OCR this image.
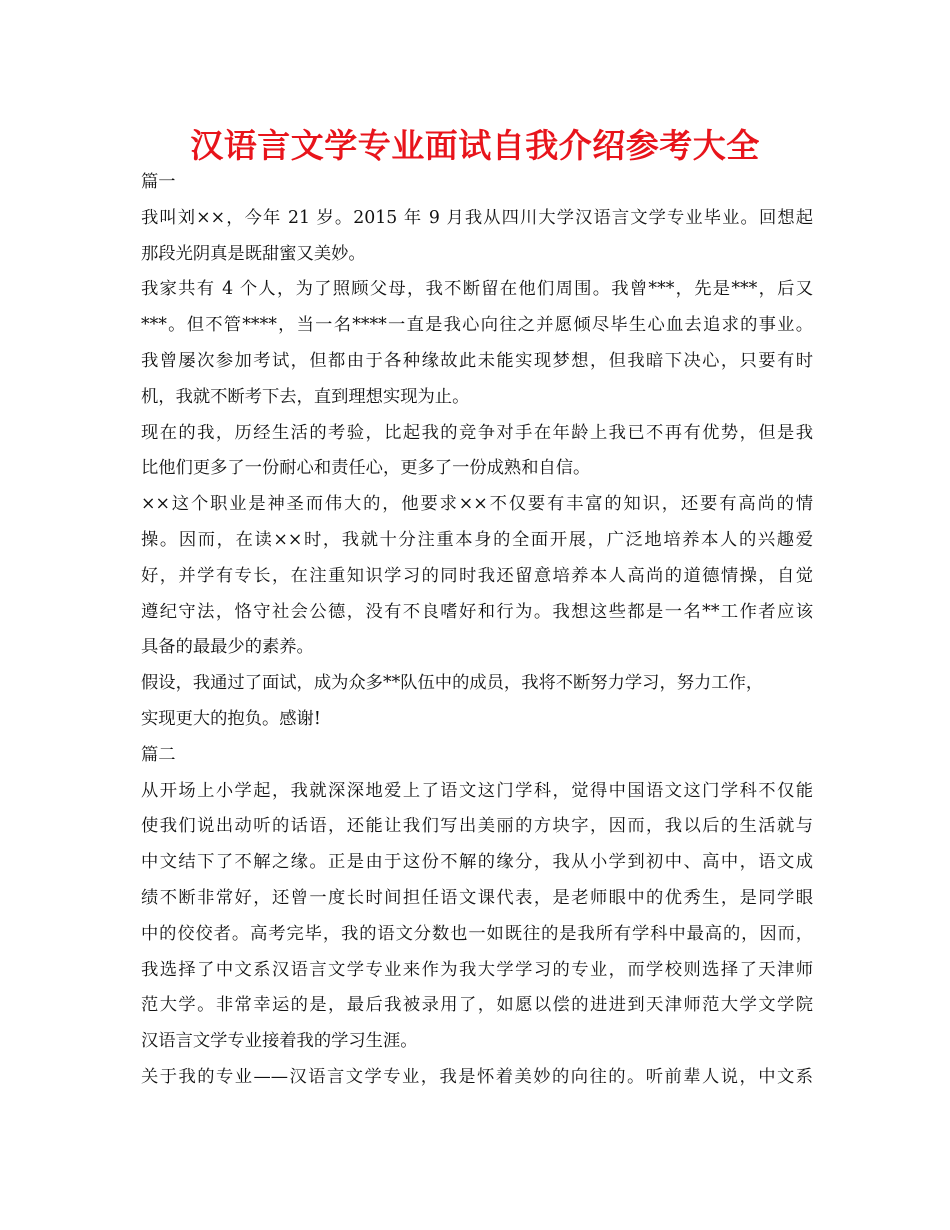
汉语言文学专业面试自我介绍参考大全
篇一
我叫刘××，今年 21 岁。2015 年 9 月我从四川大学汉语言文学专业毕业。回想起
那段光阴真是既甜蜜又美妙。
我家共有 4 个人，为了照顾父母，我不断留在他们周围。我曾***，先是***，后又
***。但不管****，当一名****一直是我心向往之并愿倾尽毕生心血去追求的事业。
我曾屡次参加考试，但都由于各种缘故此未能实现梦想，但我暗下决心，只要有时
机，我就不断考下去，直到理想实现为止。
现在的我，历经生活的考验，比起我的竞争对手在年龄上我已不再有优势，但是我
比他们更多了一份耐心和责任心，更多了一份成熟和自信。
××这个职业是神圣而伟大的，他要求××不仅要有丰富的知识，还要有高尚的情
操。因而，在读××时，我就十分注重本身的全面开展，广泛地培养本人的兴趣爱
好，并学有专长，在注重知识学习的同时我还留意培养本人高尚的道德情操，自觉
遵纪守法，恪守社会公德，没有不良嗜好和行为。我想这些都是一名**工作者应该
具备的最最少的素养。
假设，我通过了面试，成为众多**队伍中的成员，我将不断努力学习，努力工作，
实现更大的抱负。感谢!
篇二
从开场上小学起，我就深深地爱上了语文这门学科，觉得中国语文这门学科不仅能
使我们说出动听的话语，还能让我们写出美丽的方块字，因而，我以后的生活就与
中文结下了不解之缘。正是由于这份不解的缘分，我从小学到初中、高中，语文成
绩不断非常好，还曾一度长时间担任语文课代表，是老师眼中的优秀生，是同学眼
中的佼佼者。高考完毕，我的语文分数也一如既往的是我所有学科中最高的，因而，
我选择了中文系汉语言文学专业来作为我大学学习的专业，而学校则选择了天津师
范大学。非常幸运的是，最后我被录用了，如愿以偿的进进到天津师范大学文学院
汉语言文学专业接着我的学习生涯。
关于我的专业——汉语言文学专业，我是怀着美妙的向往的。听前辈人说，中文系
